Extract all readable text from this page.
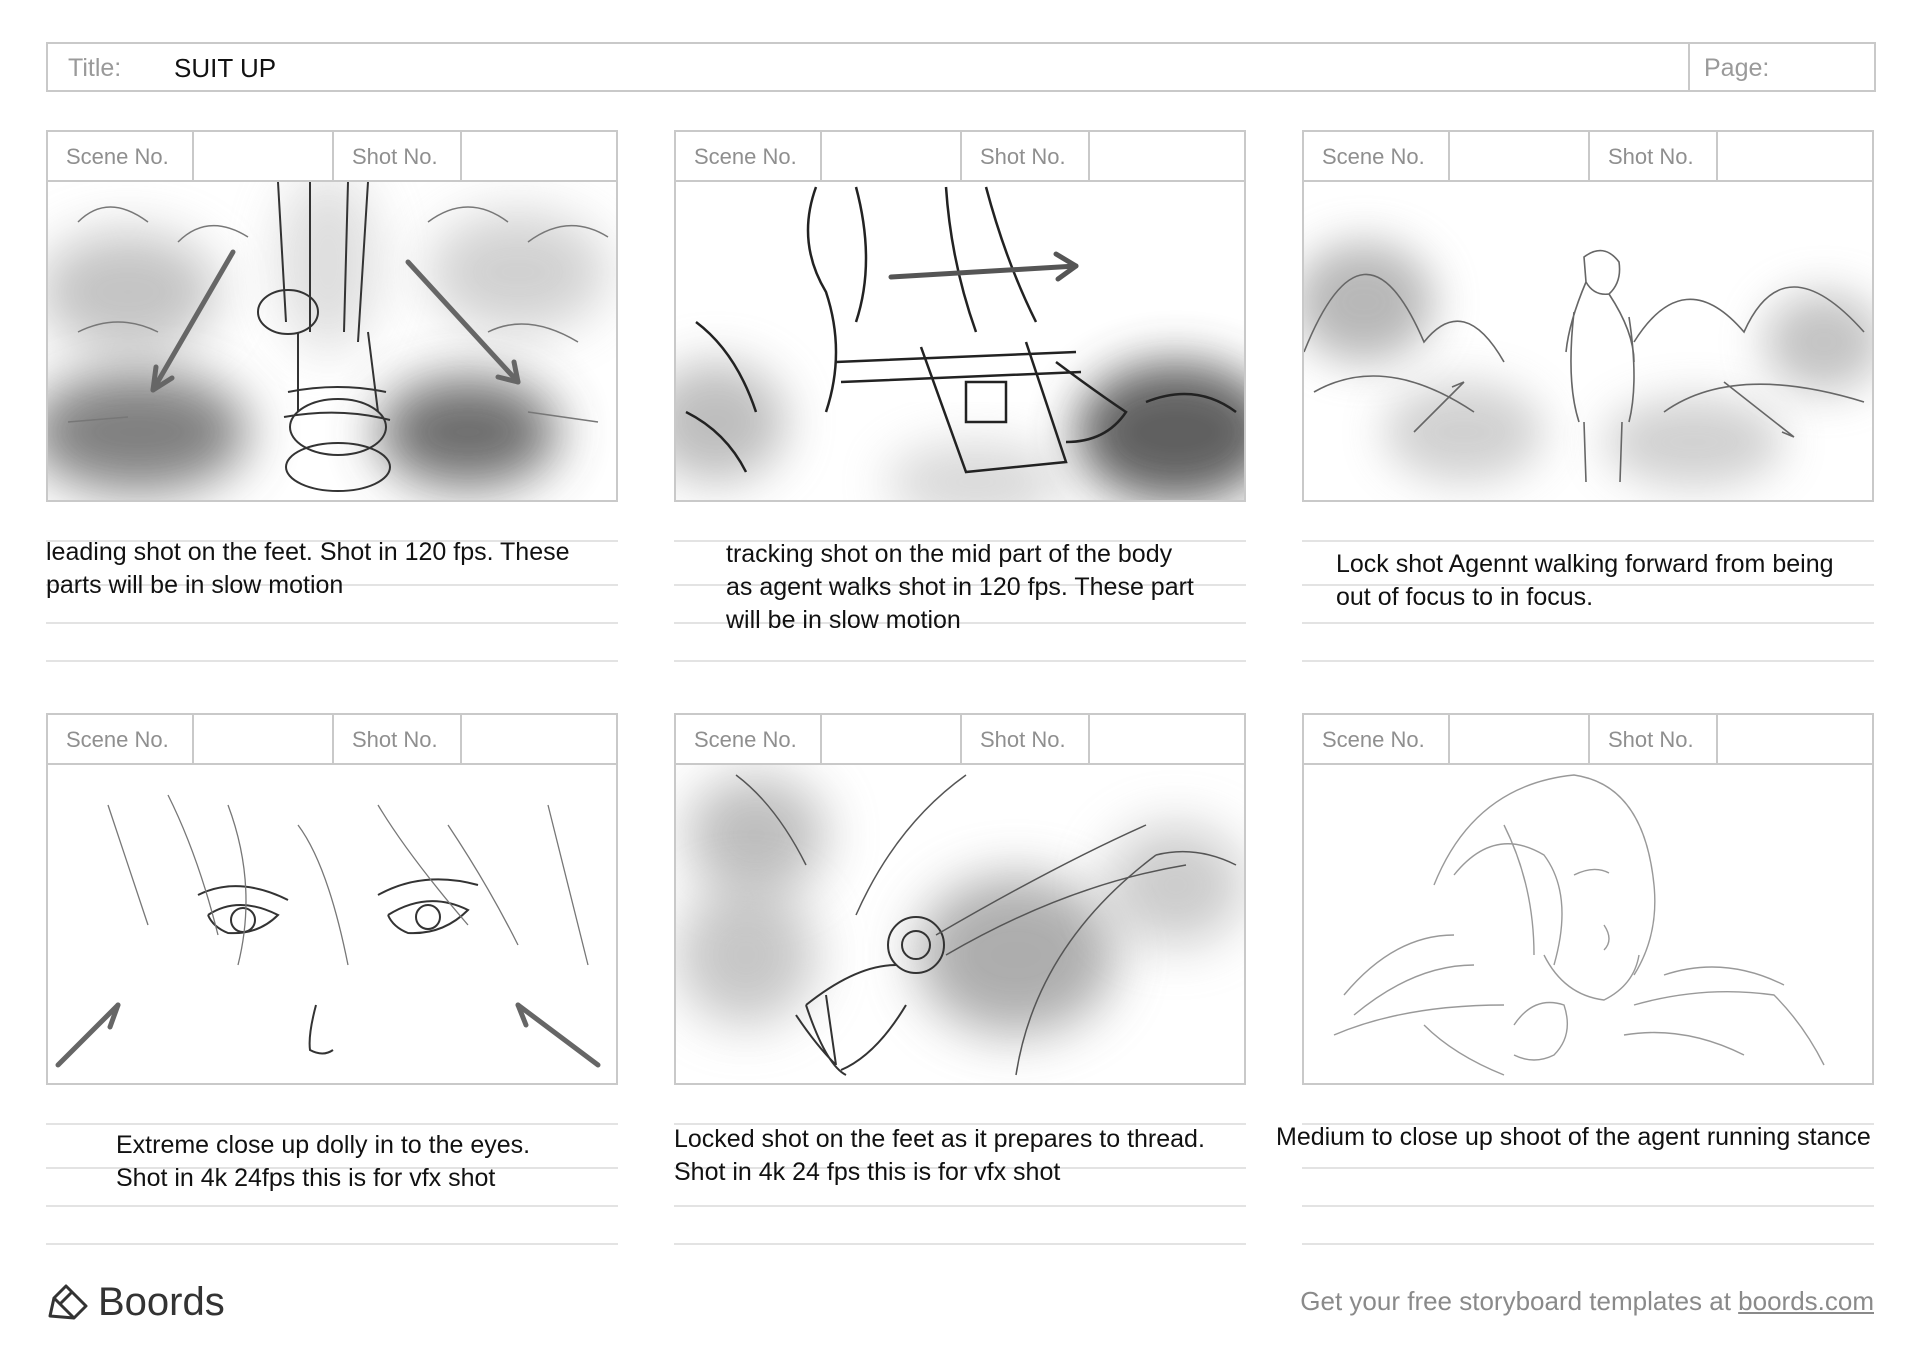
Title: SUIT UP	Page:
Scene No.	Shot No.
leading shot on the feet. Shot in 120 fps. These
parts will be in slow motion
Scene No.	Shot No.
tracking shot on the mid part of the body
as agent walks shot in 120 fps. These part
will be in slow motion
Scene No.	Shot No.
Lock shot Agennt walking forward from being
out of focus to in focus.
Scene No.	Shot No.
Extreme close up dolly in to the eyes.
Shot in 4k 24fps this is for vfx shot
Scene No.	Shot No.
Locked shot on the feet as it prepares to thread.
Shot in 4k 24 fps this is for vfx shot
Scene No.	Shot No.
Medium to close up shoot of the agent running stance
Boords	Get your free storyboard templates at boords.com
